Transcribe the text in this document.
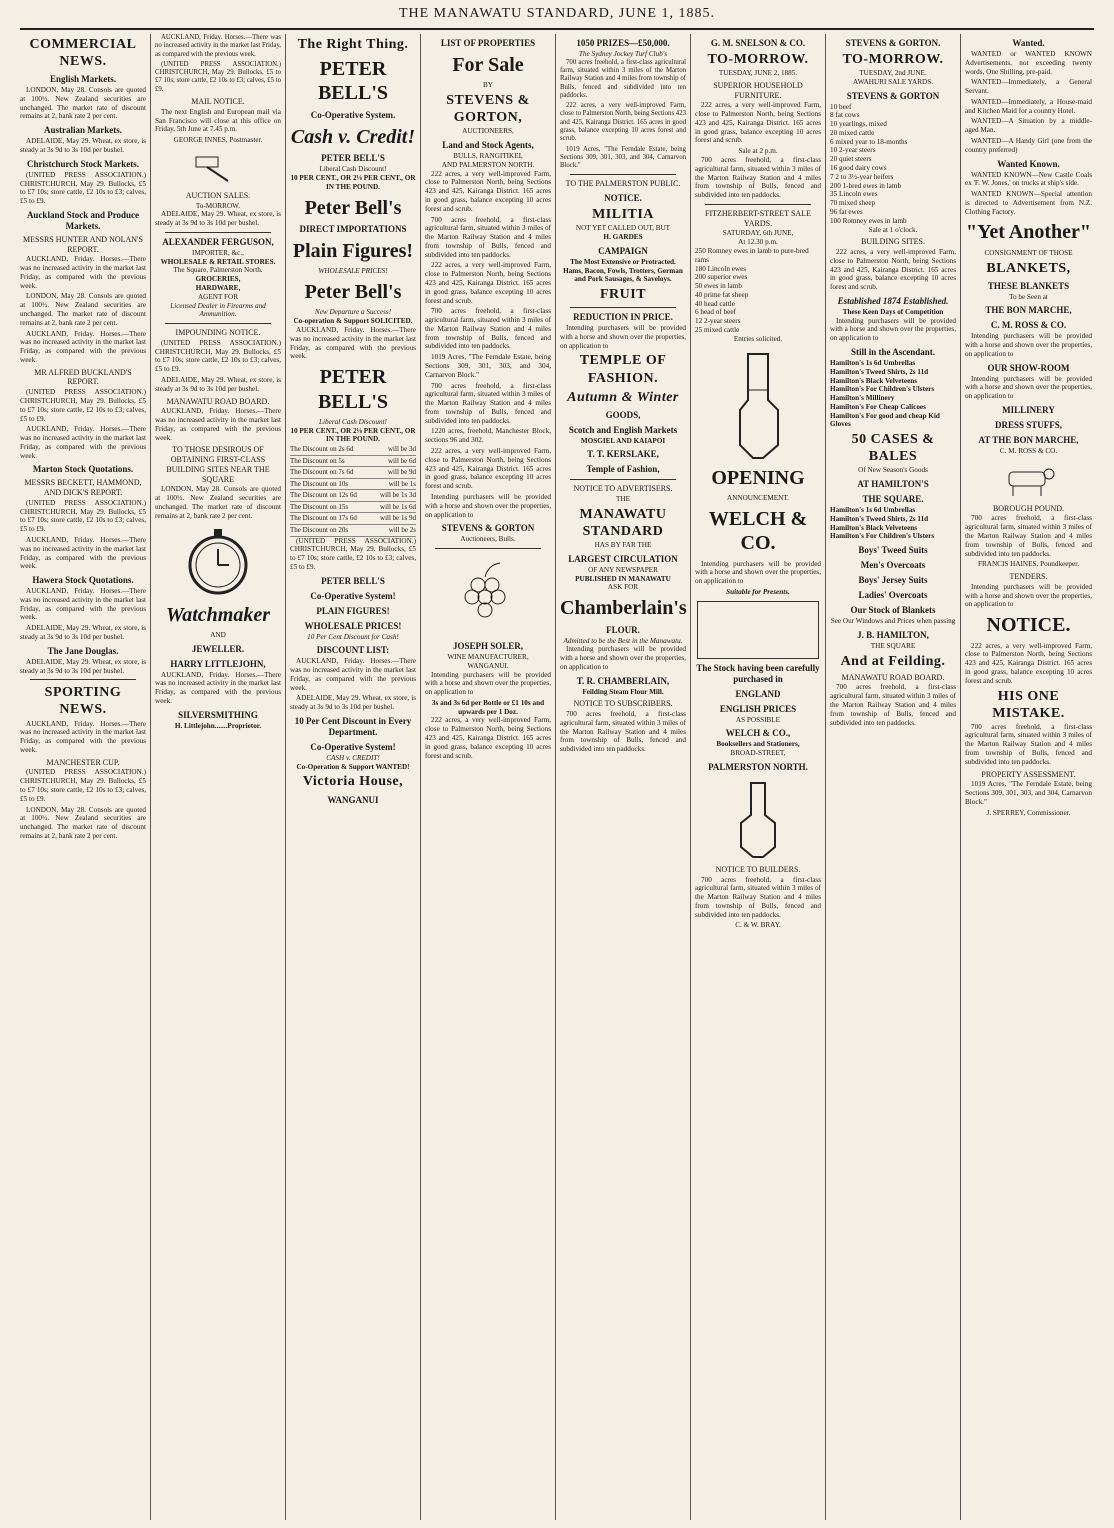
THE MANAWATU STANDARD, JUNE 1, 1885.
COMMERCIAL NEWS.
English Markets.

LONDON, May 28. Consols are quoted at 100½. New Zealand securities are unchanged. The market rate of discount remains at 2, bank rate 2 per cent.

Australian Markets.

ADELAIDE, May 29. Wheat, ex store, is steady at 3s 9d to 3s 10d per bushel.

Christchurch Stock Markets.

(UNITED PRESS ASSOCIATION.) CHRISTCHURCH, May 29. Bullocks, £5 to £7 10s; store cattle, £2 10s to £3; calves, £5 to £9.

Auckland Stock and Produce Markets.
MESSRS HUNTER AND NOLAN'S REPORT.

AUCKLAND, Friday. Horses.—There was no increased activity in the market last Friday, as compared with the previous week.

LONDON, May 28. Consols are quoted at 100½. New Zealand securities are unchanged. The market rate of discount remains at 2, bank rate 2 per cent.

AUCKLAND, Friday. Horses.—There was no increased activity in the market last Friday, as compared with the previous week.

MR ALFRED BUCKLAND'S REPORT.

(UNITED PRESS ASSOCIATION.) CHRISTCHURCH, May 29. Bullocks, £5 to £7 10s; store cattle, £2 10s to £3; calves, £5 to £9.

AUCKLAND, Friday. Horses.—There was no increased activity in the market last Friday, as compared with the previous week.

Marton Stock Quotations.
MESSRS BECKETT, HAMMOND, AND DICK'S REPORT.

(UNITED PRESS ASSOCIATION.) CHRISTCHURCH, May 29. Bullocks, £5 to £7 10s; store cattle, £2 10s to £3; calves, £5 to £9.

AUCKLAND, Friday. Horses.—There was no increased activity in the market last Friday, as compared with the previous week.

Hawera Stock Quotations.

AUCKLAND, Friday. Horses.—There was no increased activity in the market last Friday, as compared with the previous week.

ADELAIDE, May 29. Wheat, ex store, is steady at 3s 9d to 3s 10d per bushel.

The Jane Douglas.

ADELAIDE, May 29. Wheat, ex store, is steady at 3s 9d to 3s 10d per bushel.

SPORTING NEWS.

AUCKLAND, Friday. Horses.—There was no increased activity in the market last Friday, as compared with the previous week.

MANCHESTER CUP.

(UNITED PRESS ASSOCIATION.) CHRISTCHURCH, May 29. Bullocks, £5 to £7 10s; store cattle, £2 10s to £3; calves, £5 to £9.

LONDON, May 28. Consols are quoted at 100½. New Zealand securities are unchanged. The market rate of discount remains at 2, bank rate 2 per cent.

AUCKLAND, Friday. Horses.—There was no increased activity in the market last Friday, as compared with the previous week.

(UNITED PRESS ASSOCIATION.) CHRISTCHURCH, May 29. Bullocks, £5 to £7 10s; store cattle, £2 10s to £3; calves, £5 to £9.

MAIL NOTICE.

The next English and European mail via San Francisco will close at this office on Friday, 5th June at 7.45 p.m.

GEORGE INNES, Postmaster.
AUCTION SALES.
To-MORROW.

ADELAIDE, May 29. Wheat, ex store, is steady at 3s 9d to 3s 10d per bushel.

ALEXANDER FERGUSON,
IMPORTER, &c.,
WHOLESALE & RETAIL STORES.
The Square, Palmerston North.
GROCERIES,
HARDWARE,
AGENT FOR
Licensed Dealer in Firearms and Ammunition.
IMPOUNDING NOTICE.

(UNITED PRESS ASSOCIATION.) CHRISTCHURCH, May 29. Bullocks, £5 to £7 10s; store cattle, £2 10s to £3; calves, £5 to £9.

ADELAIDE, May 29. Wheat, ex store, is steady at 3s 9d to 3s 10d per bushel.

MANAWATU ROAD BOARD.

AUCKLAND, Friday. Horses.—There was no increased activity in the market last Friday, as compared with the previous week.

TO THOSE DESIROUS OF OBTAINING FIRST-CLASS BUILDING SITES NEAR THE SQUARE

LONDON, May 28. Consols are quoted at 100½. New Zealand securities are unchanged. The market rate of discount remains at 2, bank rate 2 per cent.

Watchmaker
AND
JEWELLER.
HARRY LITTLEJOHN,

AUCKLAND, Friday. Horses.—There was no increased activity in the market last Friday, as compared with the previous week.

SILVERSMITHING
H. Littlejohn.......Proprietor.
The Right Thing.
PETER BELL'S
Co-Operative System.
Cash v. Credit!
PETER BELL'S
Liberal Cash Discount!
10 PER CENT., OR 2⅛ PER CENT., OR IN THE POUND.
Peter Bell's
DIRECT IMPORTATIONS
Plain Figures!
WHOLESALE PRICES!
Peter Bell's
New Departure a Success!
Co-operation & Support SOLICITED.

AUCKLAND, Friday. Horses.—There was no increased activity in the market last Friday, as compared with the previous week.

PETER BELL'S
Liberal Cash Discount!
10 PER CENT., OR 2⅛ PER CENT., OR IN THE POUND.
The Discount on 2s 6d	will be 3d
The Discount on 5s	will be 6d
The Discount on 7s 6d	will be 9d
The Discount on 10s	will be 1s
The Discount on 12s 6d	will be 1s 3d
The Discount on 15s	will be 1s 6d
The Discount on 17s 6d	will be 1s 9d
The Discount on 20s	will be 2s

(UNITED PRESS ASSOCIATION.) CHRISTCHURCH, May 29. Bullocks, £5 to £7 10s; store cattle, £2 10s to £3; calves, £5 to £9.

PETER BELL'S
Co-Operative System!
PLAIN FIGURES!
WHOLESALE PRICES!
10 Per Cent Discount for Cash!
DISCOUNT LIST:

AUCKLAND, Friday. Horses.—There was no increased activity in the market last Friday, as compared with the previous week.

ADELAIDE, May 29. Wheat, ex store, is steady at 3s 9d to 3s 10d per bushel.

10 Per Cent Discount in Every Department.
Co-Operative System!
CASH v. CREDIT!
Co-Operation & Support WANTED!
Victoria House,
WANGANUI
LIST OF PROPERTIES
For Sale
BY
STEVENS & GORTON,
AUCTIONEERS,
Land and Stock Agents,
BULLS, RANGITIKEI,
AND PALMERSTON NORTH.

222 acres, a very well-improved Farm, close to Palmerston North, being Sections 423 and 425, Kairanga District. 165 acres in good grass, balance excepting 10 acres forest and scrub.

700 acres freehold, a first-class agricultural farm, situated within 3 miles of the Marton Railway Station and 4 miles from township of Bulls, fenced and subdivided into ten paddocks.

222 acres, a very well-improved Farm, close to Palmerston North, being Sections 423 and 425, Kairanga District. 165 acres in good grass, balance excepting 10 acres forest and scrub.

700 acres freehold, a first-class agricultural farm, situated within 3 miles of the Marton Railway Station and 4 miles from township of Bulls, fenced and subdivided into ten paddocks.

1019 Acres, "The Ferndale Estate, being Sections 309, 301, 303, and 304, Carnarvon Block."

700 acres freehold, a first-class agricultural farm, situated within 3 miles of the Marton Railway Station and 4 miles from township of Bulls, fenced and subdivided into ten paddocks.

1220 acres, freehold, Manchester Block, sections 96 and 302.

222 acres, a very well-improved Farm, close to Palmerston North, being Sections 423 and 425, Kairanga District. 165 acres in good grass, balance excepting 10 acres forest and scrub.

Intending purchasers will be provided with a horse and shown over the properties, on application to

STEVENS & GORTON
Auctioneers, Bulls.
JOSEPH SOLER,
WINE MANUFACTURER,
WANGANUI.

Intending purchasers will be provided with a horse and shown over the properties, on application to

3s and 3s 6d per Bottle or £1 10s and upwards per 1 Doz.

222 acres, a very well-improved Farm, close to Palmerston North, being Sections 423 and 425, Kairanga District. 165 acres in good grass, balance excepting 10 acres forest and scrub.

1050 PRIZES—£50,000.
The Sydney Jockey Turf Club's

700 acres freehold, a first-class agricultural farm, situated within 3 miles of the Marton Railway Station and 4 miles from township of Bulls, fenced and subdivided into ten paddocks.

222 acres, a very well-improved Farm, close to Palmerston North, being Sections 423 and 425, Kairanga District. 165 acres in good grass, balance excepting 10 acres forest and scrub.

1019 Acres, "The Ferndale Estate, being Sections 309, 301, 303, and 304, Carnarvon Block."

TO THE PALMERSTON PUBLIC.
NOTICE.
MILITIA
NOT YET CALLED OUT, BUT
H. GARDES
CAMPAIGN
The Most Extensive or Protracted.
Hams, Bacon, Fowls, Trotters, German and Pork Sausages, & Saveloys.
FRUIT
REDUCTION IN PRICE.

Intending purchasers will be provided with a horse and shown over the properties, on application to

TEMPLE OF FASHION.
Autumn & Winter
GOODS,
Scotch and English Markets
MOSGIEL AND KAIAPOI
T. T. KERSLAKE,
Temple of Fashion,
NOTICE TO ADVERTISERS.
THE
MANAWATU STANDARD
HAS BY FAR THE
LARGEST CIRCULATION
OF ANY NEWSPAPER
PUBLISHED IN MANAWATU
ASK FOR
Chamberlain's
FLOUR.
Admitted to be the Best in the Manawatu.

Intending purchasers will be provided with a horse and shown over the properties, on application to

T. R. CHAMBERLAIN,
Feilding Steam Flour Mill.
NOTICE TO SUBSCRIBERS.

700 acres freehold, a first-class agricultural farm, situated within 3 miles of the Marton Railway Station and 4 miles from township of Bulls, fenced and subdivided into ten paddocks.

G. M. SNELSON & CO.
TO-MORROW.
TUESDAY, JUNE 2, 1885.
SUPERIOR HOUSEHOLD FURNITURE.

222 acres, a very well-improved Farm, close to Palmerston North, being Sections 423 and 425, Kairanga District. 165 acres in good grass, balance excepting 10 acres forest and scrub.

Sale at 2 p.m.

700 acres freehold, a first-class agricultural farm, situated within 3 miles of the Marton Railway Station and 4 miles from township of Bulls, fenced and subdivided into ten paddocks.

FITZHERBERT-STREET SALE YARDS.
SATURDAY, 6th JUNE,
At 12.30 p.m.
250 Romney ewes in lamb to pure-bred rams
180 Lincoln ewes
200 superior ewes
50 ewes in lamb
40 prime fat sheep
40 head cattle
6 head of beef
12 2-year steers
25 mixed cattle
Entries solicited.
OPENING
ANNOUNCEMENT.
WELCH & CO.

Intending purchasers will be provided with a horse and shown over the properties, on application to

Suitable for Presents.
The Stock having been carefully purchased in
ENGLAND
ENGLISH PRICES
AS POSSIBLE
WELCH & CO.,
Booksellers and Stationers,
BROAD-STREET,
PALMERSTON NORTH.
NOTICE TO BUILDERS.

700 acres freehold, a first-class agricultural farm, situated within 3 miles of the Marton Railway Station and 4 miles from township of Bulls, fenced and subdivided into ten paddocks.

C. & W. BRAY.
STEVENS & GORTON.
TO-MORROW.
TUESDAY, 2nd JUNE.
AWAHURI SALE YARDS.
STEVENS & GORTON
10 beef
8 fat cows
10 yearlings, mixed
20 mixed cattle
6 mixed year to 18-months
10 2-year steers
20 quiet steers
16 good dairy cows
7 2 to 3½-year heifers
200 1-bred ewes in lamb
35 Lincoln ewes
70 mixed sheep
96 fat ewes
100 Romney ewes in lamb
Sale at 1 o'clock.
BUILDING SITES.

222 acres, a very well-improved Farm, close to Palmerston North, being Sections 423 and 425, Kairanga District. 165 acres in good grass, balance excepting 10 acres forest and scrub.

Established 1874 Established.
These Keen Days of Competition

Intending purchasers will be provided with a horse and shown over the properties, on application to

Still in the Ascendant.
Hamilton's 1s 6d Umbrellas
Hamilton's Tweed Shirts, 2s 11d
Hamilton's Black Velveteens
Hamilton's For Children's Ulsters
Hamilton's Millinery
Hamilton's For Cheap Calicoes
Hamilton's For good and cheap Kid Gloves
50 CASES & BALES
Of New Season's Goods
AT HAMILTON'S
THE SQUARE.
Hamilton's 1s 6d Umbrellas
Hamilton's Tweed Shirts, 2s 11d
Hamilton's Black Velveteens
Hamilton's For Children's Ulsters
Boys' Tweed Suits
Men's Overcoats
Boys' Jersey Suits
Ladies' Overcoats
Our Stock of Blankets
See Our Windows and Prices when passing
J. B. HAMILTON,
THE SQUARE
And at Feilding.
MANAWATU ROAD BOARD.

700 acres freehold, a first-class agricultural farm, situated within 3 miles of the Marton Railway Station and 4 miles from township of Bulls, fenced and subdivided into ten paddocks.

Wanted.

WANTED or WANTED KNOWN Advertisements, not exceeding twenty words, One Shilling, pre-paid.

WANTED—Immediately, a General Servant.

WANTED—Immediately, a House-maid and Kitchen Maid for a country Hotel.

WANTED—A Situation by a middle-aged Man.

WANTED—A Handy Girl (one from the country preferred)

Wanted Known.

WANTED KNOWN—New Castle Coals ex 'F. W. Jones,' on trucks at ship's side.

WANTED KNOWN—Special attention is directed to Advertisement from N.Z. Clothing Factory.

"Yet Another"
CONSIGNMENT OF THOSE
BLANKETS,
THESE BLANKETS
To be Seen at
THE BON MARCHE,
C. M. ROSS & CO.

Intending purchasers will be provided with a horse and shown over the properties, on application to

OUR SHOW-ROOM

Intending purchasers will be provided with a horse and shown over the properties, on application to

MILLINERY
DRESS STUFFS,
AT THE BON MARCHE,
C. M. ROSS & CO.
BOROUGH POUND.

700 acres freehold, a first-class agricultural farm, situated within 3 miles of the Marton Railway Station and 4 miles from township of Bulls, fenced and subdivided into ten paddocks.

FRANCIS HAINES, Poundkeeper.
TENDERS.

Intending purchasers will be provided with a horse and shown over the properties, on application to

NOTICE.

222 acres, a very well-improved Farm, close to Palmerston North, being Sections 423 and 425, Kairanga District. 165 acres in good grass, balance excepting 10 acres forest and scrub.

HIS ONE MISTAKE.

700 acres freehold, a first-class agricultural farm, situated within 3 miles of the Marton Railway Station and 4 miles from township of Bulls, fenced and subdivided into ten paddocks.

PROPERTY ASSESSMENT.

1019 Acres, "The Ferndale Estate, being Sections 309, 301, 303, and 304, Carnarvon Block."

J. SPERREY, Commissioner.
